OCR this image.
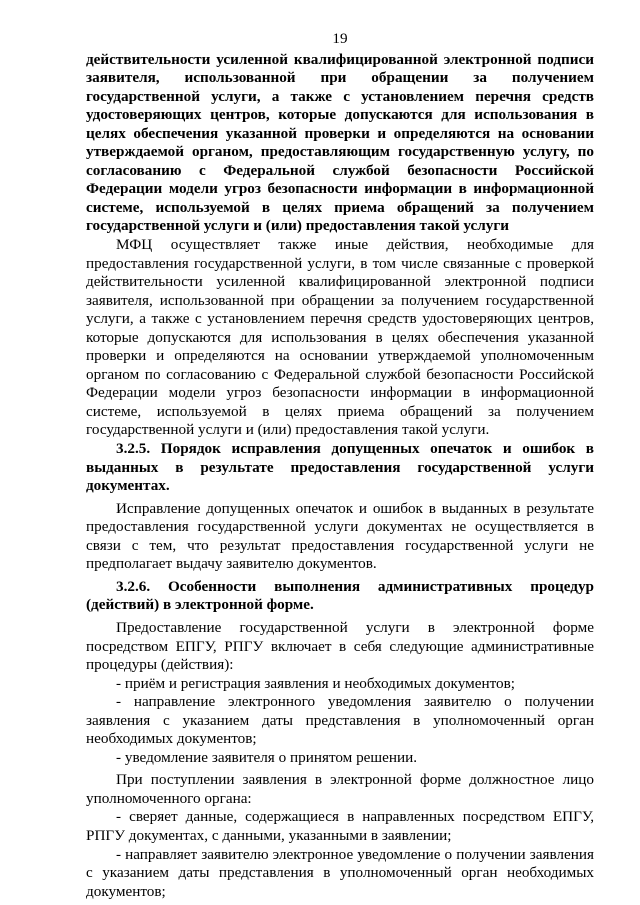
19

действительности усиленной квалифицированной электронной подписи заявителя, использованной при обращении за получением государственной услуги, а также с установлением перечня средств удостоверяющих центров, которые допускаются для использования в целях обеспечения указанной проверки и определяются на основании утверждаемой органом, предоставляющим государственную услугу, по согласованию с Федеральной службой безопасности Российской Федерации модели угроз безопасности информации в информационной системе, используемой в целях приема обращений за получением государственной услуги и (или) предоставления такой услуги

МФЦ осуществляет также иные действия, необходимые для предоставления государственной услуги, в том числе связанные с проверкой действительности усиленной квалифицированной электронной подписи заявителя, использованной при обращении за получением государственной услуги, а также с установлением перечня средств удостоверяющих центров, которые допускаются для использования в целях обеспечения указанной проверки и определяются на основании утверждаемой уполномоченным органом по согласованию с Федеральной службой безопасности Российской Федерации модели угроз безопасности информации в информационной системе, используемой в целях приема обращений за получением государственной услуги и (или) предоставления такой услуги.

3.2.5. Порядок исправления допущенных опечаток и ошибок в выданных в результате предоставления государственной услуги документах.

Исправление допущенных опечаток и ошибок в выданных в результате предоставления государственной услуги документах не осуществляется в связи с тем, что результат предоставления государственной услуги не предполагает выдачу заявителю документов.

3.2.6. Особенности выполнения административных процедур (действий) в электронной форме.

Предоставление государственной услуги в электронной форме посредством ЕПГУ, РПГУ включает в себя следующие административные процедуры (действия):

- приём и регистрация заявления и необходимых документов;

- направление электронного уведомления заявителю о получении заявления с указанием даты представления в уполномоченный орган необходимых документов;

- уведомление заявителя о принятом решении.

При поступлении заявления в электронной форме должностное лицо уполномоченного органа:

- сверяет данные, содержащиеся в направленных посредством ЕПГУ, РПГУ документах, с данными, указанными в заявлении;

- направляет заявителю электронное уведомление о получении заявления с указанием даты представления в уполномоченный орган необходимых документов;
